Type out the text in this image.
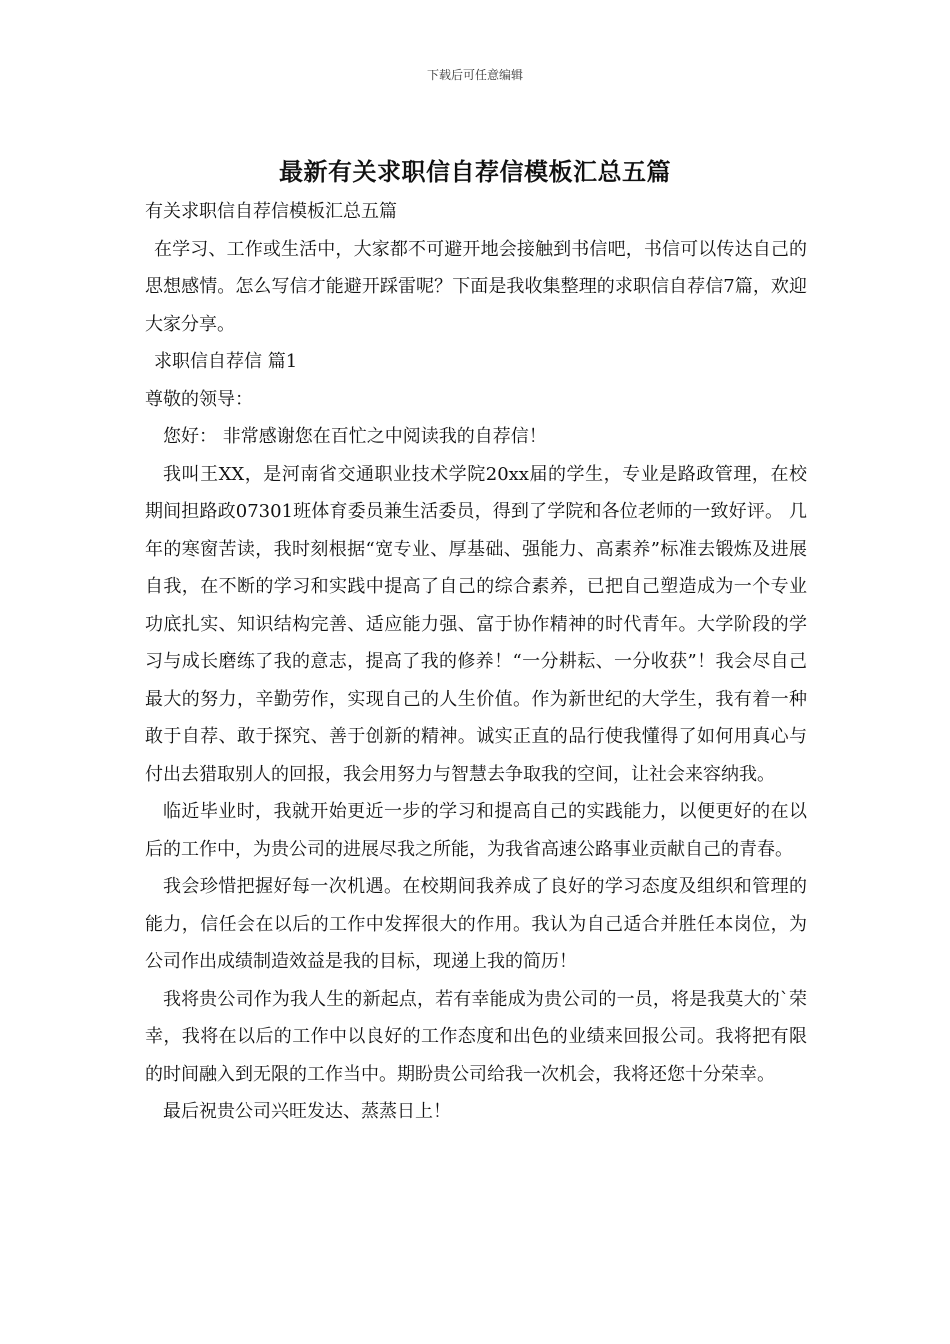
下载后可任意编辑
最新有关求职信自荐信模板汇总五篇

有关求职信自荐信模板汇总五篇

在学习、工作或生活中，大家都不可避开地会接触到书信吧，书信可以传达自己的思想感情。怎么写信才能避开踩雷呢？下面是我收集整理的求职信自荐信7篇，欢迎大家分享。

求职信自荐信 篇1

尊敬的领导：

您好： 非常感谢您在百忙之中阅读我的自荐信！

我叫王XX，是河南省交通职业技术学院20xx届的学生，专业是路政管理，在校期间担路政07301班体育委员兼生活委员，得到了学院和各位老师的一致好评。 几年的寒窗苦读，我时刻根据“宽专业、厚基础、强能力、高素养”标准去锻炼及进展自我，在不断的学习和实践中提高了自己的综合素养，已把自己塑造成为一个专业功底扎实、知识结构完善、适应能力强、富于协作精神的时代青年。大学阶段的学习与成长磨练了我的意志，提高了我的修养！“一分耕耘、一分收获”！我会尽自己最大的努力，辛勤劳作，实现自己的人生价值。作为新世纪的大学生，我有着一种敢于自荐、敢于探究、善于创新的精神。诚实正直的品行使我懂得了如何用真心与付出去猎取别人的回报，我会用努力与智慧去争取我的空间，让社会来容纳我。

临近毕业时，我就开始更近一步的学习和提高自己的实践能力，以便更好的在以后的工作中，为贵公司的进展尽我之所能，为我省高速公路事业贡献自己的青春。

我会珍惜把握好每一次机遇。在校期间我养成了良好的学习态度及组织和管理的能力，信任会在以后的工作中发挥很大的作用。我认为自己适合并胜任本岗位，为公司作出成绩制造效益是我的目标，现递上我的简历！

我将贵公司作为我人生的新起点，若有幸能成为贵公司的一员，将是我莫大的`荣幸，我将在以后的工作中以良好的工作态度和出色的业绩来回报公司。我将把有限的时间融入到无限的工作当中。期盼贵公司给我一次机会，我将还您十分荣幸。

最后祝贵公司兴旺发达、蒸蒸日上！
